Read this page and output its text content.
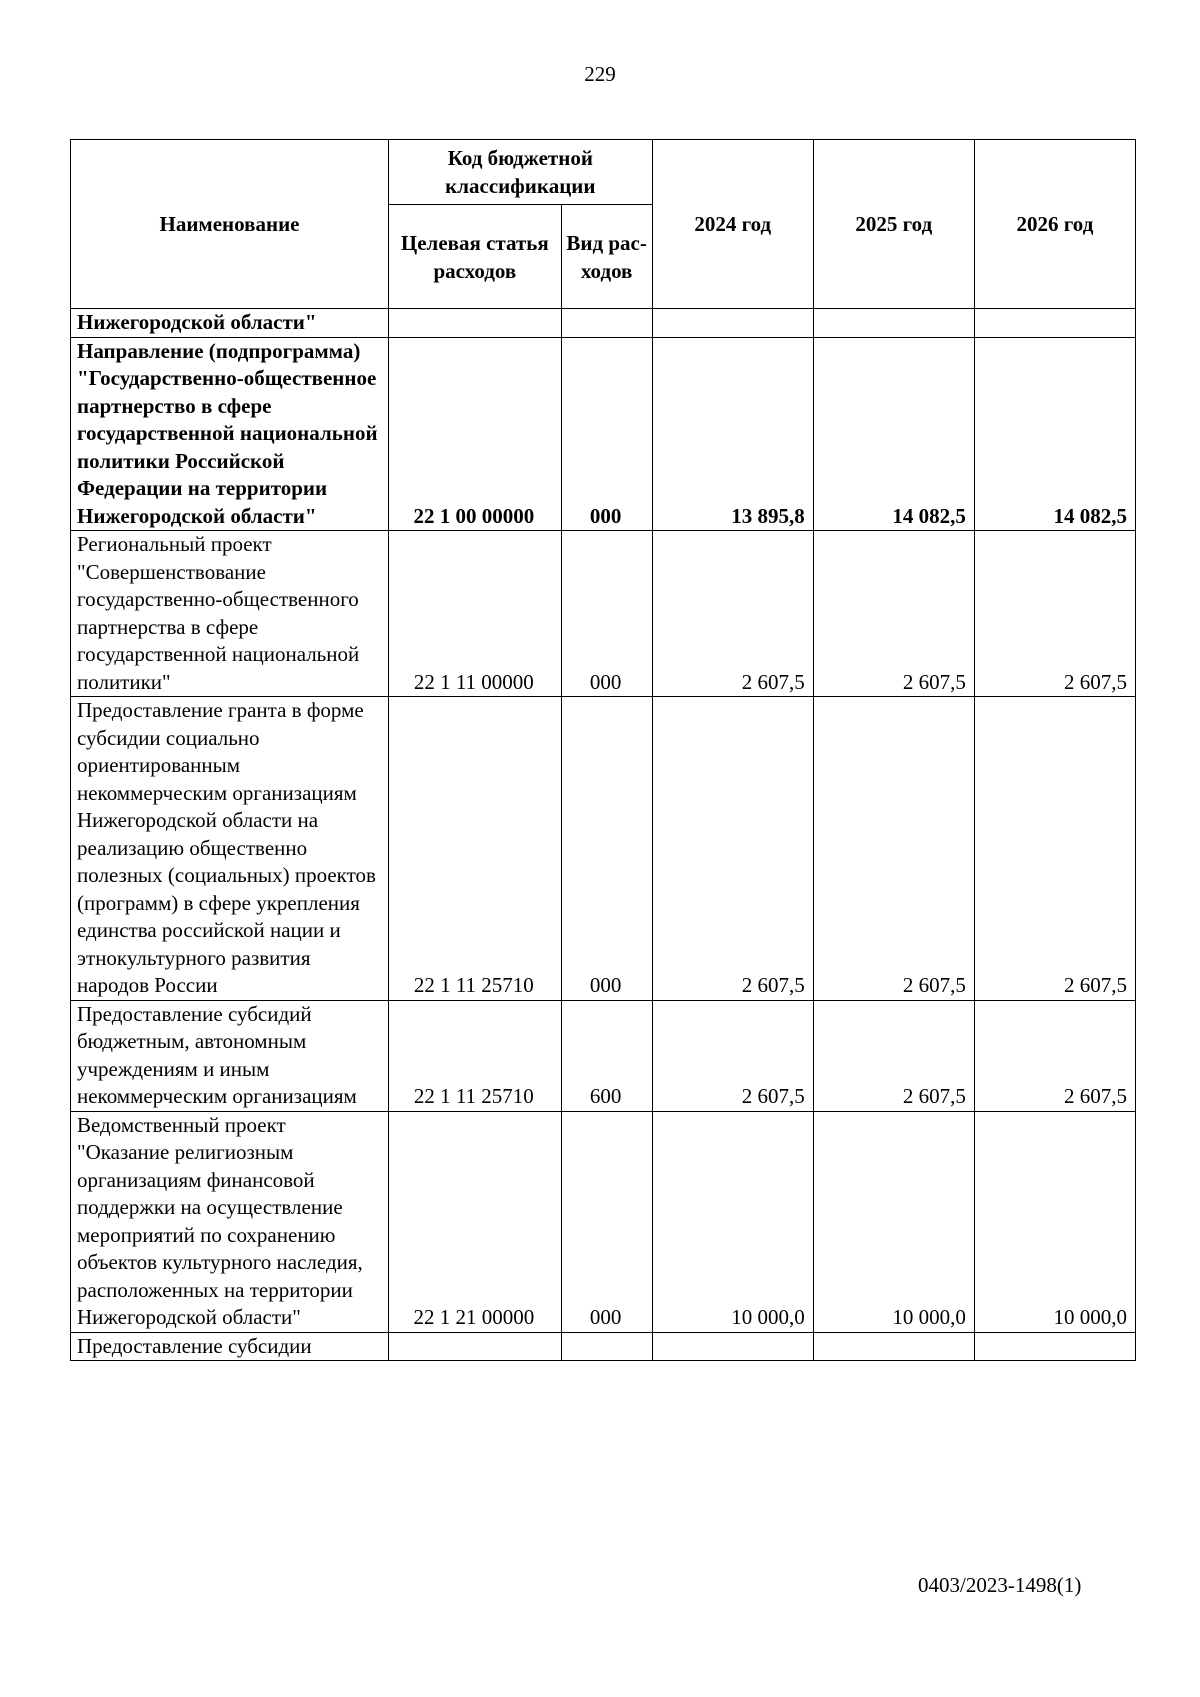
229
Наименование	Код бюджетной классификации		2024 год	2025 год	2026 год
	Целевая статья расходов	Вид рас-ходов			
Нижегородской области"					
Направление (подпрограмма) "Государственно-общественное партнерство в сфере государственной национальной политики Российской Федерации на территории Нижегородской области"	22 1 00 00000	000	13 895,8	14 082,5	14 082,5
Региональный проект "Совершенствование государственно-общественного партнерства в сфере государственной национальной политики"	22 1 11 00000	000	2 607,5	2 607,5	2 607,5
Предоставление гранта в форме субсидии социально ориентированным некоммерческим организациям Нижегородской области на реализацию общественно полезных (социальных) проектов (программ) в сфере укрепления единства российской нации и этнокультурного развития народов России	22 1 11 25710	000	2 607,5	2 607,5	2 607,5
Предоставление субсидий бюджетным, автономным учреждениям и иным некоммерческим организациям	22 1 11 25710	600	2 607,5	2 607,5	2 607,5
Ведомственный проект "Оказание религиозным организациям финансовой поддержки на осуществление мероприятий по сохранению объектов культурного наследия, расположенных на территории Нижегородской области"	22 1 21 00000	000	10 000,0	10 000,0	10 000,0
Предоставление субсидии					
0403/2023-1498(1)
